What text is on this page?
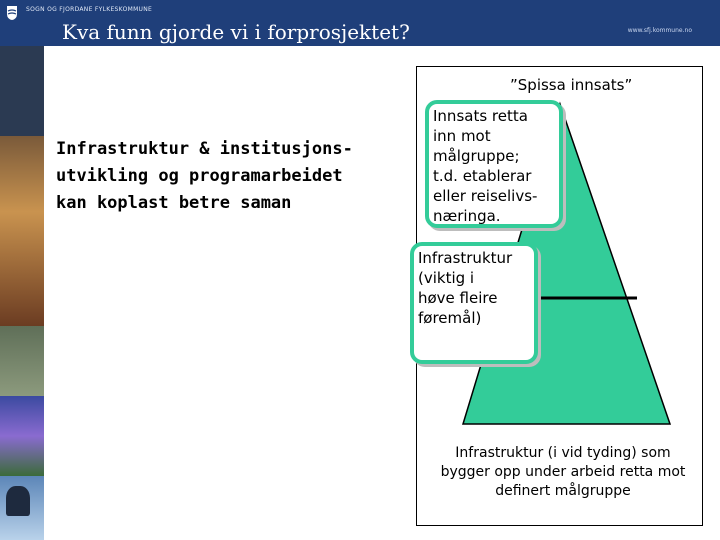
SOGN OG FJORDANE FYLKESKOMMUNE
www.sfj.kommune.no
Kva funn gjorde vi i forprosjektet?
Infrastruktur & institusjons-
utvikling og programarbeidet
kan koplast betre saman
”Spissa innsats”
Innsats retta
inn mot
målgruppe;
t.d. etablerar
eller reiselivs-
næringa.
Infrastruktur
(viktig i
høve fleire
føremål)
Infrastruktur (i vid tyding) som bygger opp under arbeid retta mot definert målgruppe
